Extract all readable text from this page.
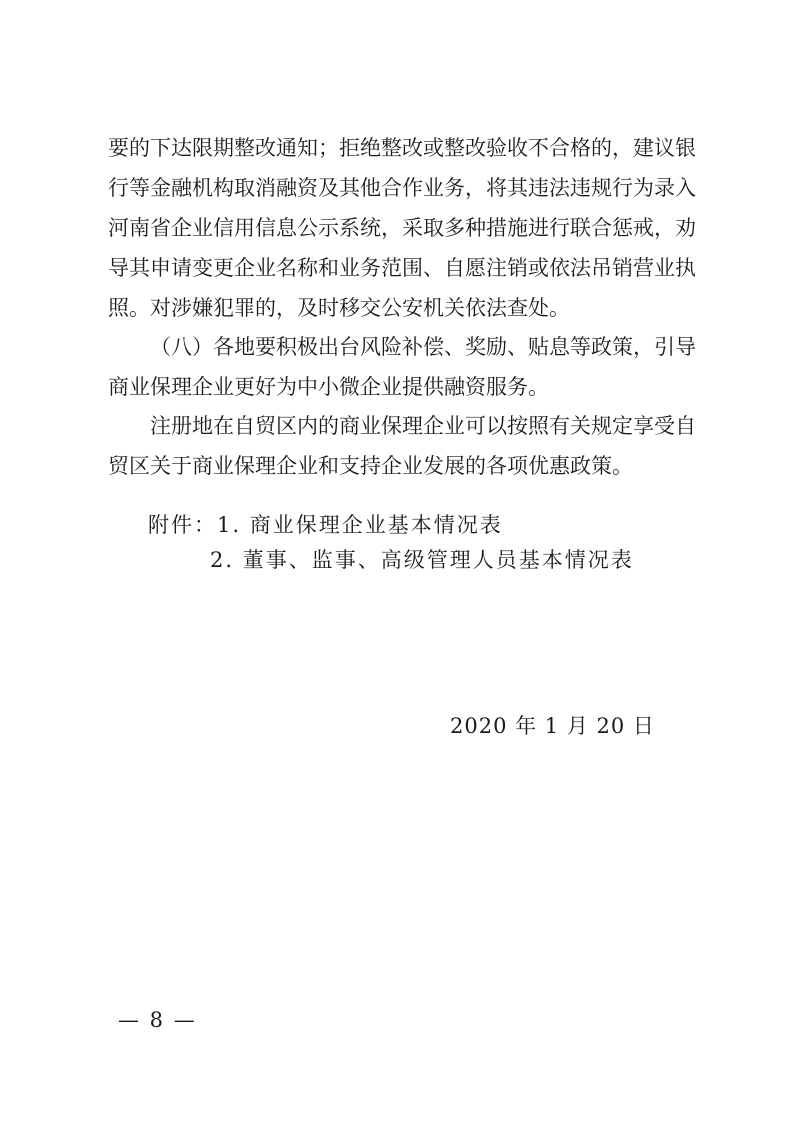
要的下达限期整改通知；拒绝整改或整改验收不合格的，建议银
行等金融机构取消融资及其他合作业务，将其违法违规行为录入
河南省企业信用信息公示系统，采取多种措施进行联合惩戒，劝
导其申请变更企业名称和业务范围、自愿注销或依法吊销营业执
照。对涉嫌犯罪的，及时移交公安机关依法查处。
（八）各地要积极出台风险补偿、奖励、贴息等政策，引导
商业保理企业更好为中小微企业提供融资服务。
注册地在自贸区内的商业保理企业可以按照有关规定享受自
贸区关于商业保理企业和支持企业发展的各项优惠政策。
附件：1. 商业保理企业基本情况表
2. 董事、监事、高级管理人员基本情况表
2020 年 1 月 20 日
— 8 —
